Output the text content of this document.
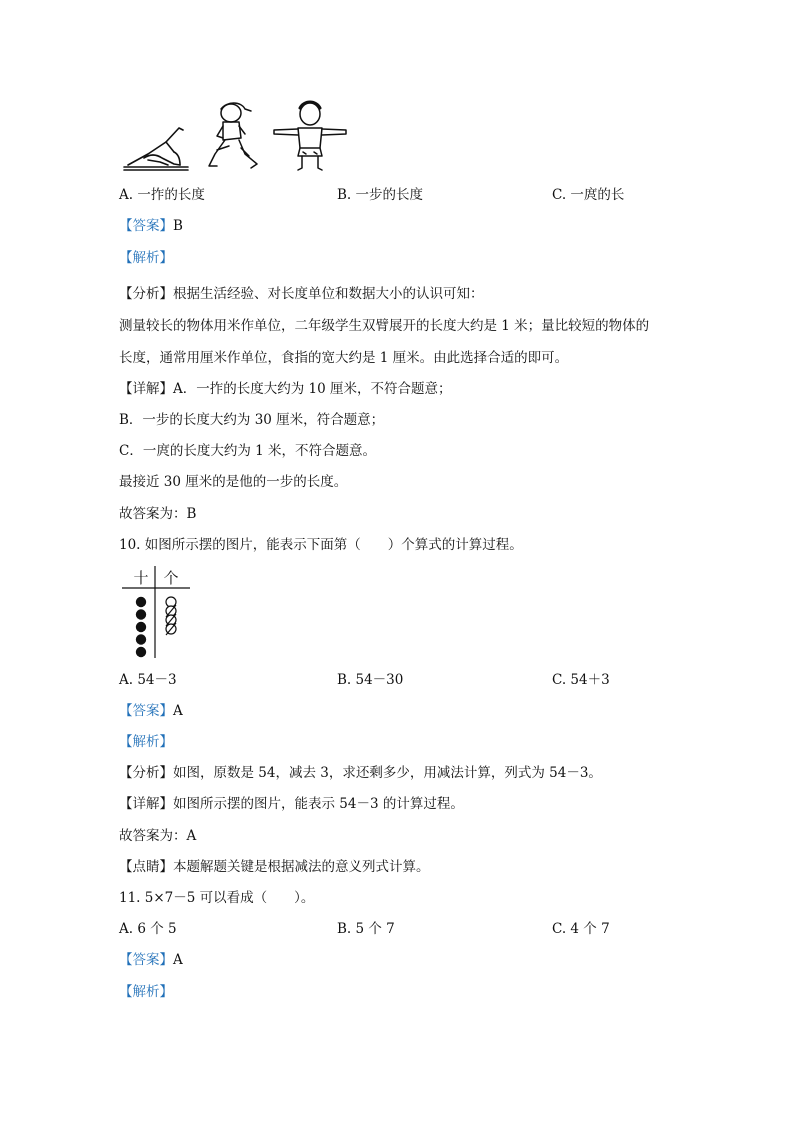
A. 一拃的长度	B. 一步的长度	C. 一庹的长
【答案】B
【解析】
【分析】根据生活经验、对长度单位和数据大小的认识可知：
测量较长的物体用米作单位，二年级学生双臂展开的长度大约是 1 米；量比较短的物体的
长度，通常用厘米作单位，食指的宽大约是 1 厘米。由此选择合适的即可。
【详解】A．一拃的长度大约为 10 厘米，不符合题意；
B．一步的长度大约为 30 厘米，符合题意；
C．一庹的长度大约为 1 米，不符合题意。
最接近 30 厘米的是他的一步的长度。
故答案为：B
10. 如图所示摆的图片，能表示下面第（　　）个算式的计算过程。
十 个
A. 54－3	B. 54－30	C. 54＋3
【答案】A
【解析】
【分析】如图，原数是 54，减去 3，求还剩多少，用减法计算，列式为 54－3。
【详解】如图所示摆的图片，能表示 54－3 的计算过程。
故答案为：A
【点睛】本题解题关键是根据减法的意义列式计算。
11. 5×7－5 可以看成（　　）。
A. 6 个 5	B. 5 个 7	C. 4 个 7
【答案】A
【解析】
